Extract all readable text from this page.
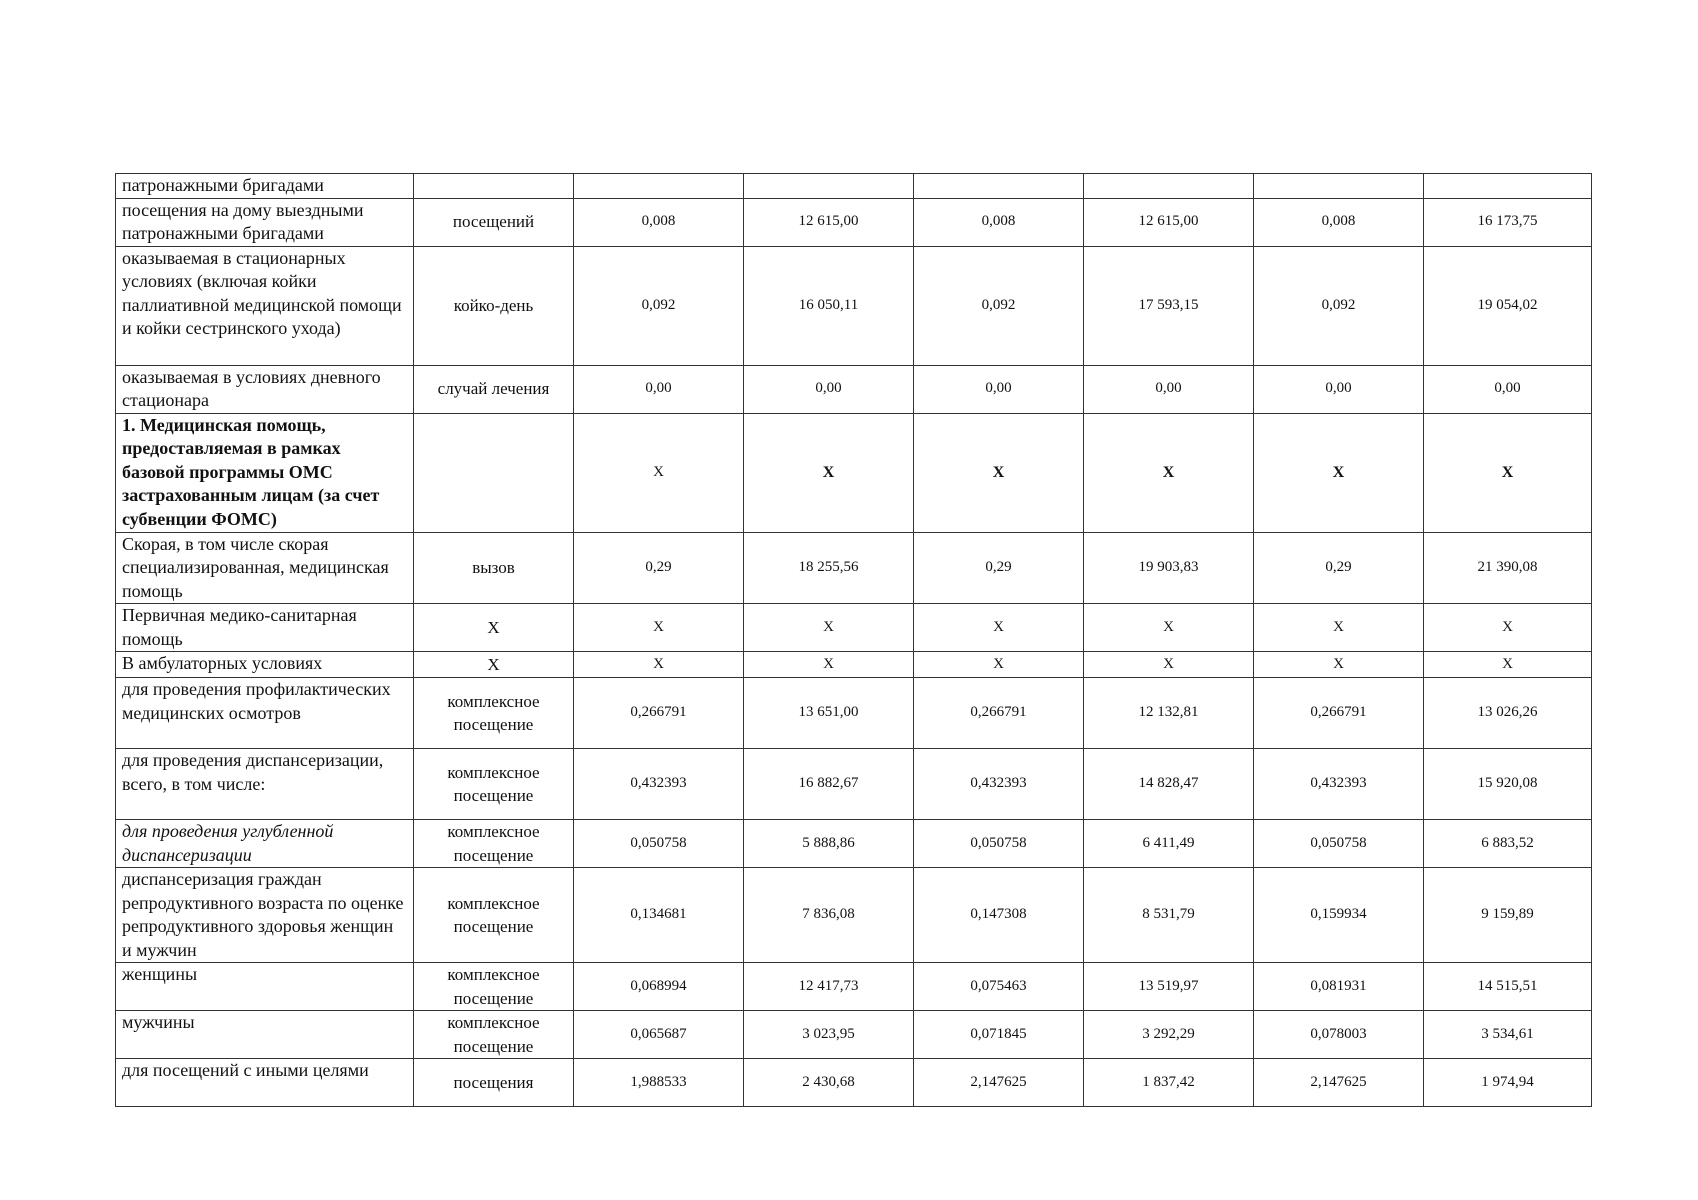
патронажными бригадами							
посещения на дому выездными патронажными бригадами	посещений	0,008	12 615,00	0,008	12 615,00	0,008	16 173,75
оказываемая в стационарных условиях (включая койки паллиативной медицинской помощи и койки сестринского ухода)	койко-день	0,092	16 050,11	0,092	17 593,15	0,092	19 054,02
оказываемая в условиях дневного стационара	случай лечения	0,00	0,00	0,00	0,00	0,00	0,00
1. Медицинская помощь, предоставляемая в рамках базовой программы ОМС застрахованным лицам (за счет субвенции ФОМС)		Х	Х	Х	Х	Х	Х
Скорая, в том числе скорая специализированная, медицинская помощь	вызов	0,29	18 255,56	0,29	19 903,83	0,29	21 390,08
Первичная медико-санитарная помощь	Х	Х	Х	Х	Х	Х	Х
В амбулаторных условиях	Х	Х	Х	Х	Х	Х	Х
для проведения профилактических медицинских осмотров	комплексное посещение	0,266791	13 651,00	0,266791	12 132,81	0,266791	13 026,26
для проведения диспансеризации, всего, в том числе:	комплексное посещение	0,432393	16 882,67	0,432393	14 828,47	0,432393	15 920,08
для проведения углубленной диспансеризации	комплексное посещение	0,050758	5 888,86	0,050758	6 411,49	0,050758	6 883,52
диспансеризация граждан репродуктивного возраста по оценке репродуктивного здоровья женщин и мужчин	комплексное посещение	0,134681	7 836,08	0,147308	8 531,79	0,159934	9 159,89
женщины	комплексное посещение	0,068994	12 417,73	0,075463	13 519,97	0,081931	14 515,51
мужчины	комплексное посещение	0,065687	3 023,95	0,071845	3 292,29	0,078003	3 534,61
для посещений с иными целями	посещения	1,988533	2 430,68	2,147625	1 837,42	2,147625	1 974,94
